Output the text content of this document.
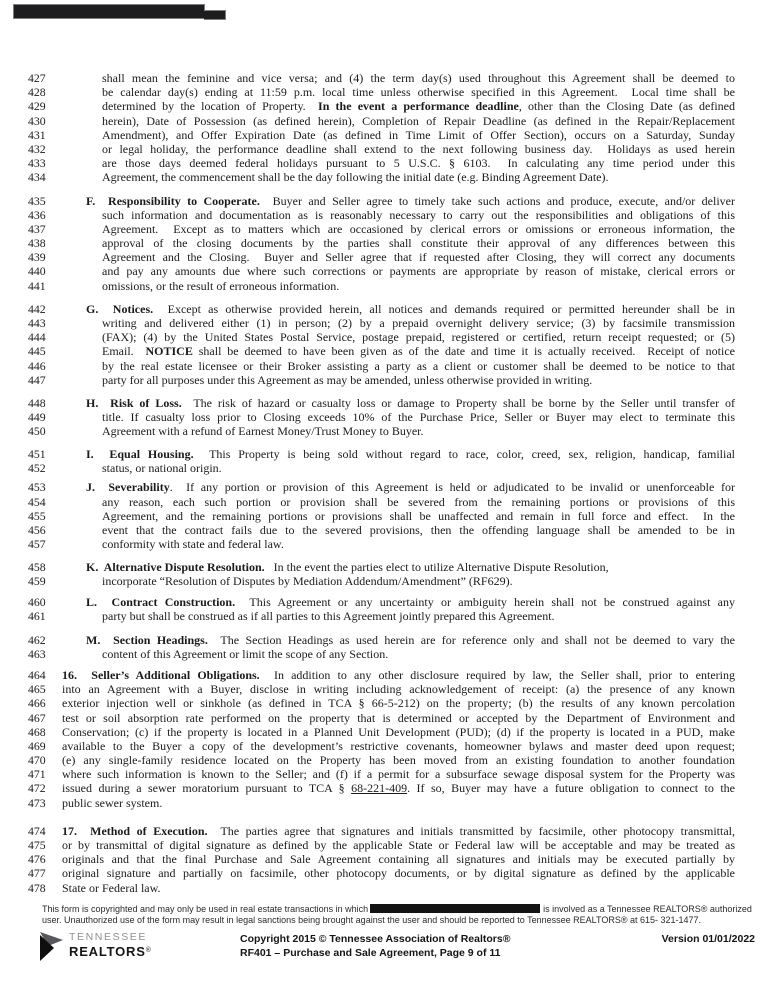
427	shall mean the feminine and vice versa; and (4) the term day(s) used throughout this Agreement shall be deemed to
428	be calendar day(s) ending at 11:59 p.m. local time unless otherwise specified in this Agreement.  Local time shall be
429	determined by the location of Property.  In the event a performance deadline, other than the Closing Date (as defined
430	herein), Date of Possession (as defined herein), Completion of Repair Deadline (as defined in the Repair/Replacement
431	Amendment), and Offer Expiration Date (as defined in Time Limit of Offer Section), occurs on a Saturday, Sunday
432	or legal holiday, the performance deadline shall extend to the next following business day.  Holidays as used herein
433	are those days deemed federal holidays pursuant to 5 U.S.C. § 6103.  In calculating any time period under this
434	Agreement, the commencement shall be the day following the initial date (e.g. Binding Agreement Date).
435	F.  Responsibility to Cooperate.  Buyer and Seller agree to timely take such actions and produce, execute, and/or deliver
436	such information and documentation as is reasonably necessary to carry out the responsibilities and obligations of this
437	Agreement.  Except as to matters which are occasioned by clerical errors or omissions or erroneous information, the
438	approval of the closing documents by the parties shall constitute their approval of any differences between this
439	Agreement and the Closing.  Buyer and Seller agree that if requested after Closing, they will correct any documents
440	and pay any amounts due where such corrections or payments are appropriate by reason of mistake, clerical errors or
441	omissions, or the result of erroneous information.
442	G.  Notices.  Except as otherwise provided herein, all notices and demands required or permitted hereunder shall be in
443	writing and delivered either (1) in person; (2) by a prepaid overnight delivery service; (3) by facsimile transmission
444	(FAX); (4) by the United States Postal Service, postage prepaid, registered or certified, return receipt requested; or (5)
445	Email.  NOTICE shall be deemed to have been given as of the date and time it is actually received.  Receipt of notice
446	by the real estate licensee or their Broker assisting a party as a client or customer shall be deemed to be notice to that
447	party for all purposes under this Agreement as may be amended, unless otherwise provided in writing.
448	H.  Risk of Loss.  The risk of hazard or casualty loss or damage to Property shall be borne by the Seller until transfer of
449	title. If casualty loss prior to Closing exceeds 10% of the Purchase Price, Seller or Buyer may elect to terminate this
450	Agreement with a refund of Earnest Money/Trust Money to Buyer.
451	I.  Equal Housing.  This Property is being sold without regard to race, color, creed, sex, religion, handicap, familial
452	status, or national origin.
453	J.  Severability.  If any portion or provision of this Agreement is held or adjudicated to be invalid or unenforceable for
454	any reason, each such portion or provision shall be severed from the remaining portions or provisions of this
455	Agreement, and the remaining portions or provisions shall be unaffected and remain in full force and effect.  In the
456	event that the contract fails due to the severed provisions, then the offending language shall be amended to be in
457	conformity with state and federal law.
458	K.  Alternative Dispute Resolution.   In the event the parties elect to utilize Alternative Dispute Resolution,
459	incorporate “Resolution of Disputes by Mediation Addendum/Amendment” (RF629).
460	L.  Contract Construction.  This Agreement or any uncertainty or ambiguity herein shall not be construed against any
461	party but shall be construed as if all parties to this Agreement jointly prepared this Agreement.
462	M.  Section Headings.  The Section Headings as used herein are for reference only and shall not be deemed to vary the
463	content of this Agreement or limit the scope of any Section.
464	16.  Seller’s Additional Obligations.  In addition to any other disclosure required by law, the Seller shall, prior to entering
465	into an Agreement with a Buyer, disclose in writing including acknowledgement of receipt: (a) the presence of any known
466	exterior injection well or sinkhole (as defined in TCA § 66-5-212) on the property; (b) the results of any known percolation
467	test or soil absorption rate performed on the property that is determined or accepted by the Department of Environment and
468	Conservation; (c) if the property is located in a Planned Unit Development (PUD); (d) if the property is located in a PUD, make
469	available to the Buyer a copy of the development’s restrictive covenants, homeowner bylaws and master deed upon request;
470	(e) any single-family residence located on the Property has been moved from an existing foundation to another foundation
471	where such information is known to the Seller; and (f) if a permit for a subsurface sewage disposal system for the Property was
472	issued during a sewer moratorium pursuant to TCA § 68-221-409. If so, Buyer may have a future obligation to connect to the
473	public sewer system.
474	17.  Method of Execution.  The parties agree that signatures and initials transmitted by facsimile, other photocopy transmittal,
475	or by transmittal of digital signature as defined by the applicable State or Federal law will be acceptable and may be treated as
476	originals and that the final Purchase and Sale Agreement containing all signatures and initials may be executed partially by
477	original signature and partially on facsimile, other photocopy documents, or by digital signature as defined by the applicable
478	State or Federal law.
This form is copyrighted and may only be used in real estate transactions in which	is involved as a Tennessee REALTORS® authorized
user. Unauthorized use of the form may result in legal sanctions being brought against the user and should be reported to Tennessee REALTORS® at 615- 321-1477.
TENNESSEE
REALTORS®
Copyright 2015 © Tennessee Association of Realtors®
RF401 – Purchase and Sale Agreement, Page 9 of 11
Version 01/01/2022
